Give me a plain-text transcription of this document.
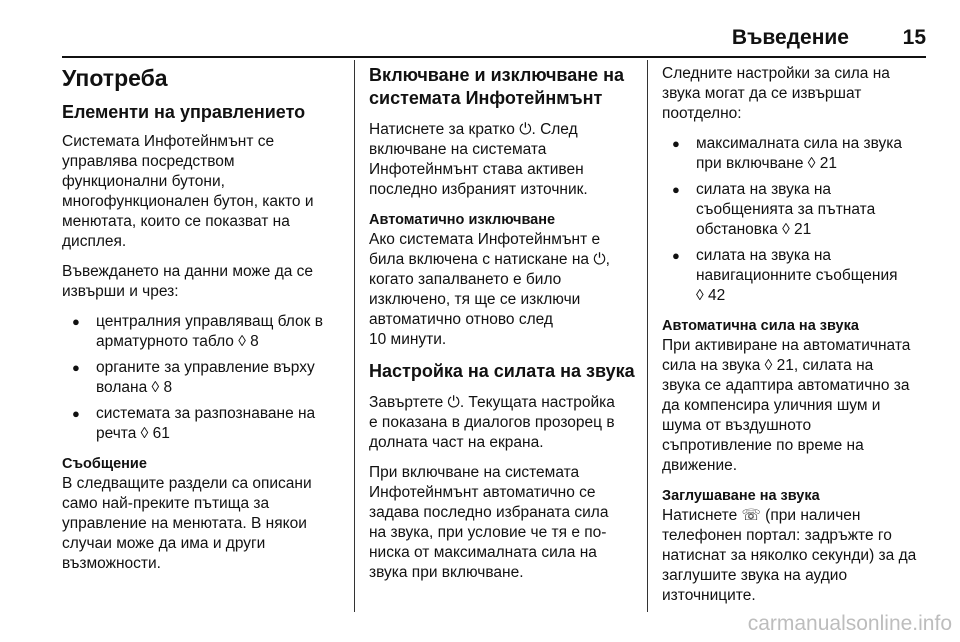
Въведение	15
Употреба
Елементи на управлението

Системата Инфотейнмънт се
управлява посредством
функционални бутони,
многофункционален бутон, както и
менютата, които се показват на
дисплея.

Въвеждането на данни може да се
извърши и чрез:

● централния управляващ блок в
арматурното табло ◊ 8
● органите за управление върху
волана ◊ 8
● системата за разпознаване на
речта ◊ 61
Съобщение

В следващите раздели са описани
само най-преките пътища за
управление на менютата. В някои
случаи може да има и други
възможности.

Включване и изключване на
системата Инфотейнмънт

Натиснете за кратко ⏻. След
включване на системата
Инфотейнмънт става активен
последно избраният източник.

Автоматично изключване

Ако системата Инфотейнмънт е
била включена с натискане на ⏻,
когато запалването е било
изключено, тя ще се изключи
автоматично отново след
10 минути.

Настройка на силата на звука

Завъртете ⏻. Текущата настройка
е показана в диалогов прозорец в
долната част на екрана.

При включване на системата
Инфотейнмънт автоматично се
задава последно избраната сила
на звука, при условие че тя е по-
ниска от максималната сила на
звука при включване.

Следните настройки за сила на
звука могат да се извършат
поотделно:

● максималната сила на звука
при включване ◊ 21
● силата на звука на
съобщенията за пътната
обстановка ◊ 21
● силата на звука на
навигационните съобщения
◊ 42
Автоматична сила на звука

При активиране на автоматичната
сила на звука ◊ 21, силата на
звука се адаптира автоматично за
да компенсира уличния шум и
шума от въздушното
съпротивление по време на
движение.

Заглушаване на звука

Натиснете ☏ (при наличен
телефонен портал: задръжте го
натиснат за няколко секунди) за да
заглушите звука на аудио
източниците.

carmanualsonline.info
